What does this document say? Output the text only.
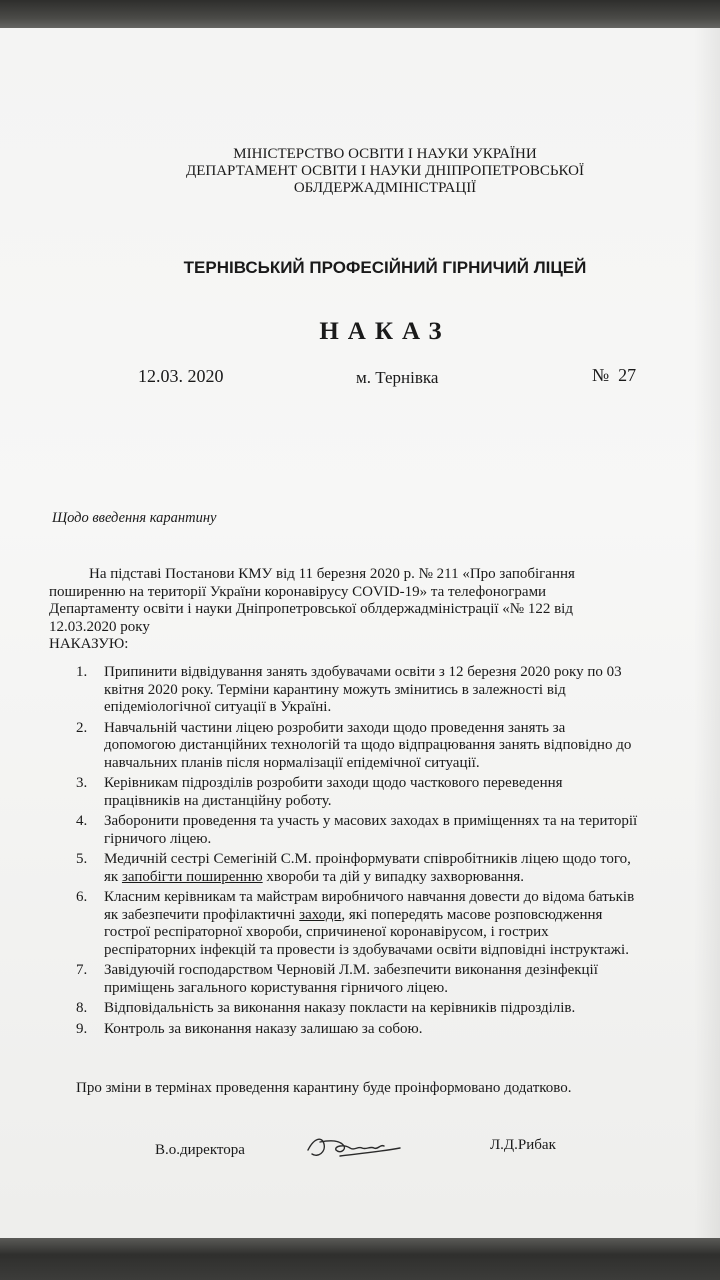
МІНІСТЕРСТВО ОСВІТИ І НАУКИ УКРАЇНИ
ДЕПАРТАМЕНТ ОСВІТИ І НАУКИ ДНІПРОПЕТРОВСЬКОЇ
ОБЛДЕРЖАДМІНІСТРАЦІЇ
ТЕРНІВСЬКИЙ ПРОФЕСІЙНИЙ ГІРНИЧИЙ ЛІЦЕЙ
НАКАЗ
12.03. 2020	м. Тернівка	№  27
Щодо введення карантину
На підставі Постанови КМУ від 11 березня 2020 р. № 211 «Про запобігання
поширенню на території України коронавірусу COVID-19» та телефонограми
Департаменту освіти і науки Дніпропетровської облдержадміністрації «№ 122 від
12.03.2020 року
НАКАЗУЮ:
1. Припинити відвідування занять здобувачами освіти з 12 березня 2020 року по 03
квітня 2020 року. Терміни карантину можуть змінитись в залежності від
епідеміологічної ситуації в Україні.
2. Навчальній частини ліцею розробити заходи щодо проведення занять за
допомогою дистанційних технологій та щодо відпрацювання занять відповідно до
навчальних планів після нормалізації епідемічної ситуації.
3. Керівникам підрозділів розробити заходи щодо часткового переведення
працівників на дистанційну роботу.
4. Заборонити проведення та участь у масових заходах в приміщеннях та на території
гірничого ліцею.
5. Медичній сестрі Семегіній С.М. проінформувати співробітників ліцею щодо того,
як запобігти поширенню хвороби та дій у випадку захворювання.
6. Класним керівникам та майстрам виробничого навчання довести до відома батьків
як забезпечити профілактичні заходи, які попередять масове розповсюдження
гострої респіраторної хвороби, спричиненої коронавірусом, і гострих
респіраторних інфекцій та провести із здобувачами освіти відповідні інструктажі.
7. Завідуючій господарством Черновій Л.М. забезпечити виконання дезінфекції
приміщень загального користування гірничого ліцею.
8. Відповідальність за виконання наказу покласти на керівників підрозділів.
9. Контроль за виконання наказу залишаю за собою.
Про зміни в термінах проведення карантину буде проінформовано додатково.
В.о.директора	Л.Д.Рибак
